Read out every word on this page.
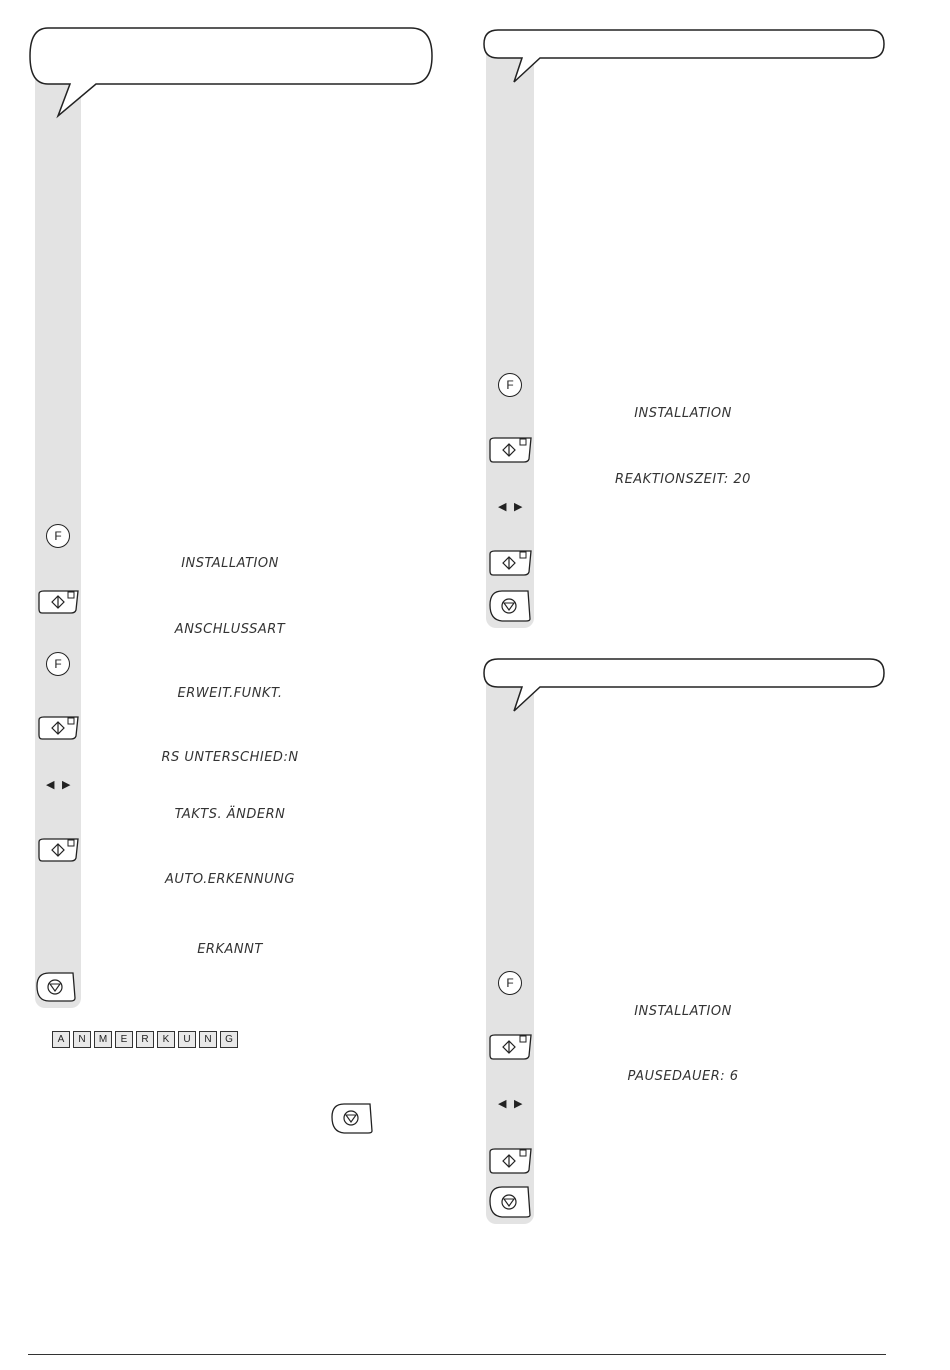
F
INSTALLATION
ANSCHLUSSART
F
ERWEIT.FUNKT.
RS UNTERSCHIED:N
◀ ▶
TAKTS. ÄNDERN
AUTO.ERKENNUNG
ERKANNT
A	N	M	E	R	K	U	N	G
F
INSTALLATION
REAKTIONSZEIT: 20
◀ ▶
F
INSTALLATION
PAUSEDAUER: 6
◀ ▶
